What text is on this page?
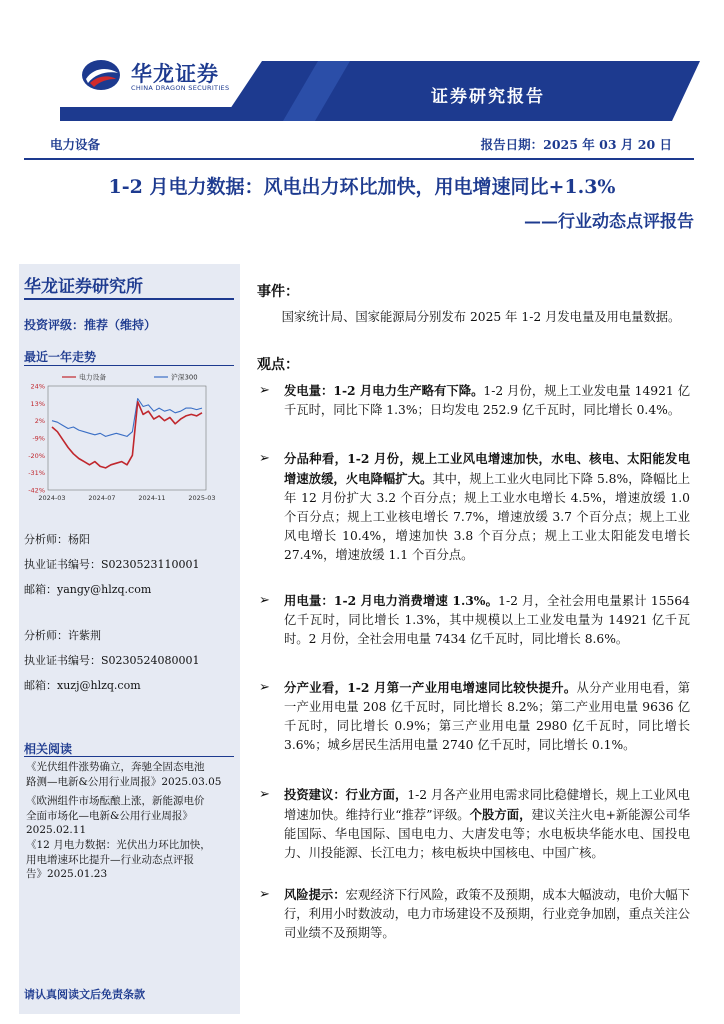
华龙证券
CHINA DRAGON SECURITIES	证券研究报告
电力设备	报告日期：2025 年 03 月 20 日
1-2 月电力数据：风电出力环比加快，用电增速同比+1.3%
——行业动态点评报告
华龙证券研究所
投资评级：推荐（维持）
最近一年走势
24%
13%
2%
-9%
-20%
-31%
-42%
2024-03	2024-07	2024-11	2025-03
电力设备	沪深300
分析师：杨阳
执业证书编号：S0230523110001
邮箱：yangy@hlzq.com
分析师：许紫荆
执业证书编号：S0230524080001
邮箱：xuzj@hlzq.com
相关阅读
《光伏组件涨势确立，奔驰全固态电池
路测—电新&公用行业周报》2025.03.05
《欧洲组件市场酝酿上涨，新能源电价
全面市场化—电新&公用行业周报》
2025.02.11
《12 月电力数据：光伏出力环比加快，
用电增速环比提升—行业动态点评报
告》2025.01.23
请认真阅读文后免责条款
事件：
国家统计局、国家能源局分别发布 2025 年 1-2 月发电量及用电量数据。
观点：
➢ 发电量：1-2 月电力生产略有下降。1-2 月份，规上工业发电量 14921 亿千瓦时，同比下降 1.3%；日均发电 252.9 亿千瓦时，同比增长 0.4%。
➢ 分品种看，1-2 月份，规上工业风电增速加快，水电、核电、太阳能发电增速放缓，火电降幅扩大。其中，规上工业火电同比下降 5.8%，降幅比上年 12 月份扩大 3.2 个百分点；规上工业水电增长 4.5%，增速放缓 1.0 个百分点；规上工业核电增长 7.7%，增速放缓 3.7 个百分点；规上工业风电增长 10.4%，增速加快 3.8 个百分点；规上工业太阳能发电增长 27.4%，增速放缓 1.1 个百分点。
➢ 用电量：1-2 月电力消费增速 1.3%。1-2 月，全社会用电量累计 15564 亿千瓦时，同比增长 1.3%，其中规模以上工业发电量为 14921 亿千瓦时。2 月份，全社会用电量 7434 亿千瓦时，同比增长 8.6%。
➢ 分产业看，1-2 月第一产业用电增速同比较快提升。从分产业用电看，第一产业用电量 208 亿千瓦时，同比增长 8.2%；第二产业用电量 9636 亿千瓦时，同比增长 0.9%；第三产业用电量 2980 亿千瓦时，同比增长 3.6%；城乡居民生活用电量 2740 亿千瓦时，同比增长 0.1%。
➢ 投资建议：行业方面，1-2 月各产业用电需求同比稳健增长，规上工业风电增速加快。维持行业“推荐”评级。个股方面，建议关注火电+新能源公司华能国际、华电国际、国电电力、大唐发电等；水电板块华能水电、国投电力、川投能源、长江电力；核电板块中国核电、中国广核。
➢ 风险提示：宏观经济下行风险，政策不及预期，成本大幅波动，电价大幅下行，利用小时数波动，电力市场建设不及预期，行业竞争加剧，重点关注公司业绩不及预期等。
